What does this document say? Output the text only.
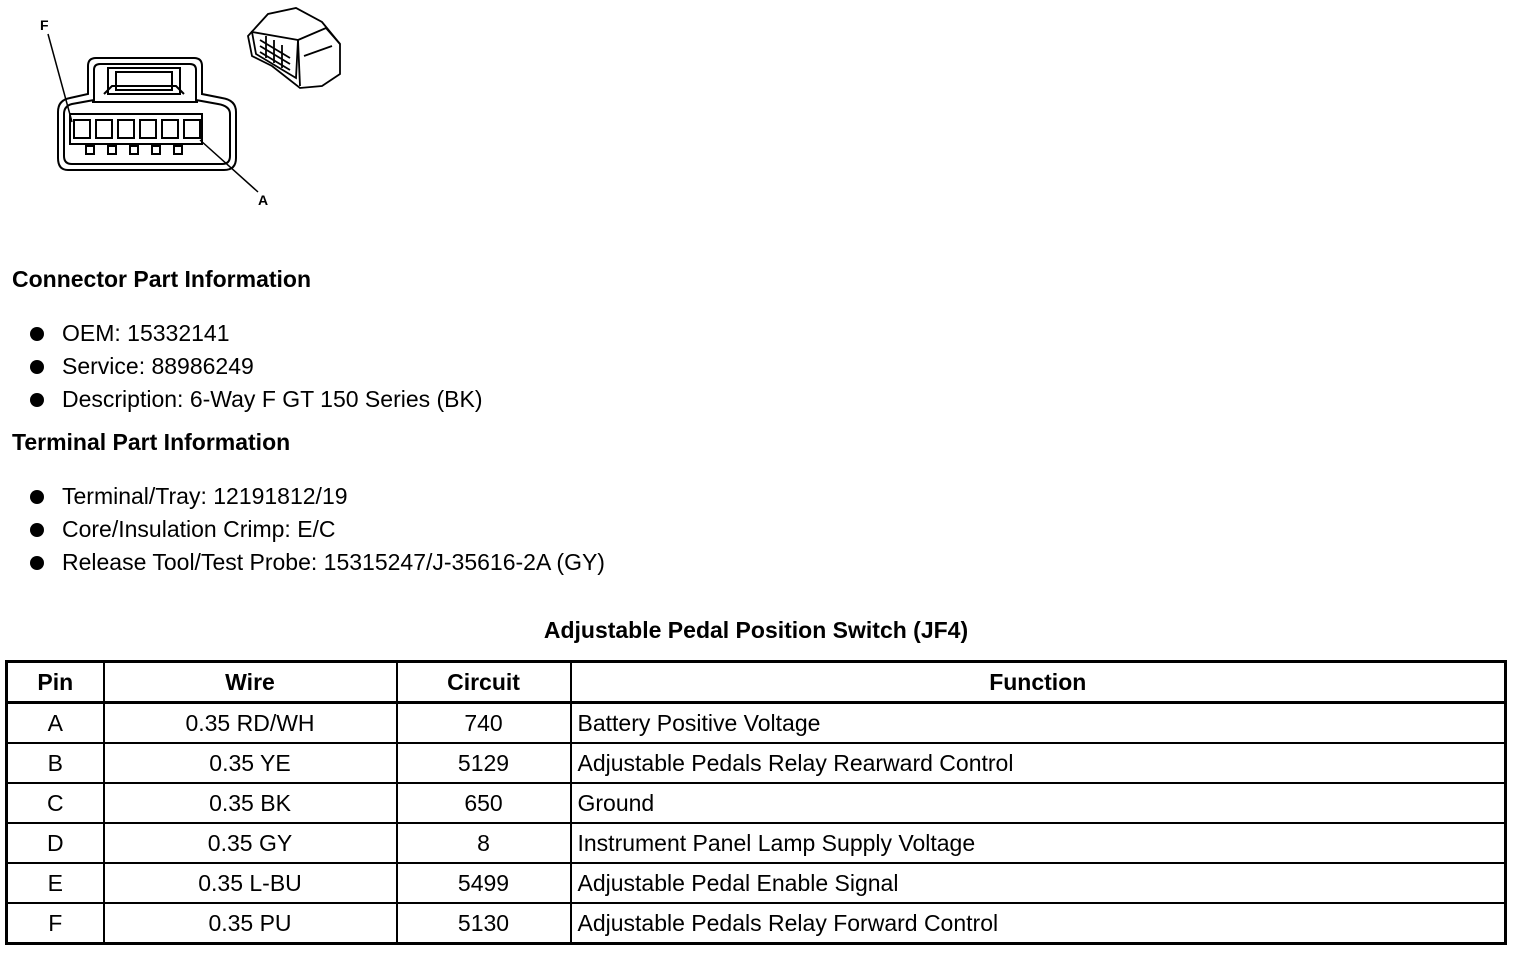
F
A
Connector Part Information
OEM: 15332141
Service: 88986249
Description: 6-Way F GT 150 Series (BK)
Terminal Part Information
Terminal/Tray: 12191812/19
Core/Insulation Crimp: E/C
Release Tool/Test Probe: 15315247/J-35616-2A (GY)
Adjustable Pedal Position Switch (JF4)
Pin	Wire	Circuit	Function
A	0.35 RD/WH	740	Battery Positive Voltage
B	0.35 YE	5129	Adjustable Pedals Relay Rearward Control
C	0.35 BK	650	Ground
D	0.35 GY	8	Instrument Panel Lamp Supply Voltage
E	0.35 L-BU	5499	Adjustable Pedal Enable Signal
F	0.35 PU	5130	Adjustable Pedals Relay Forward Control
